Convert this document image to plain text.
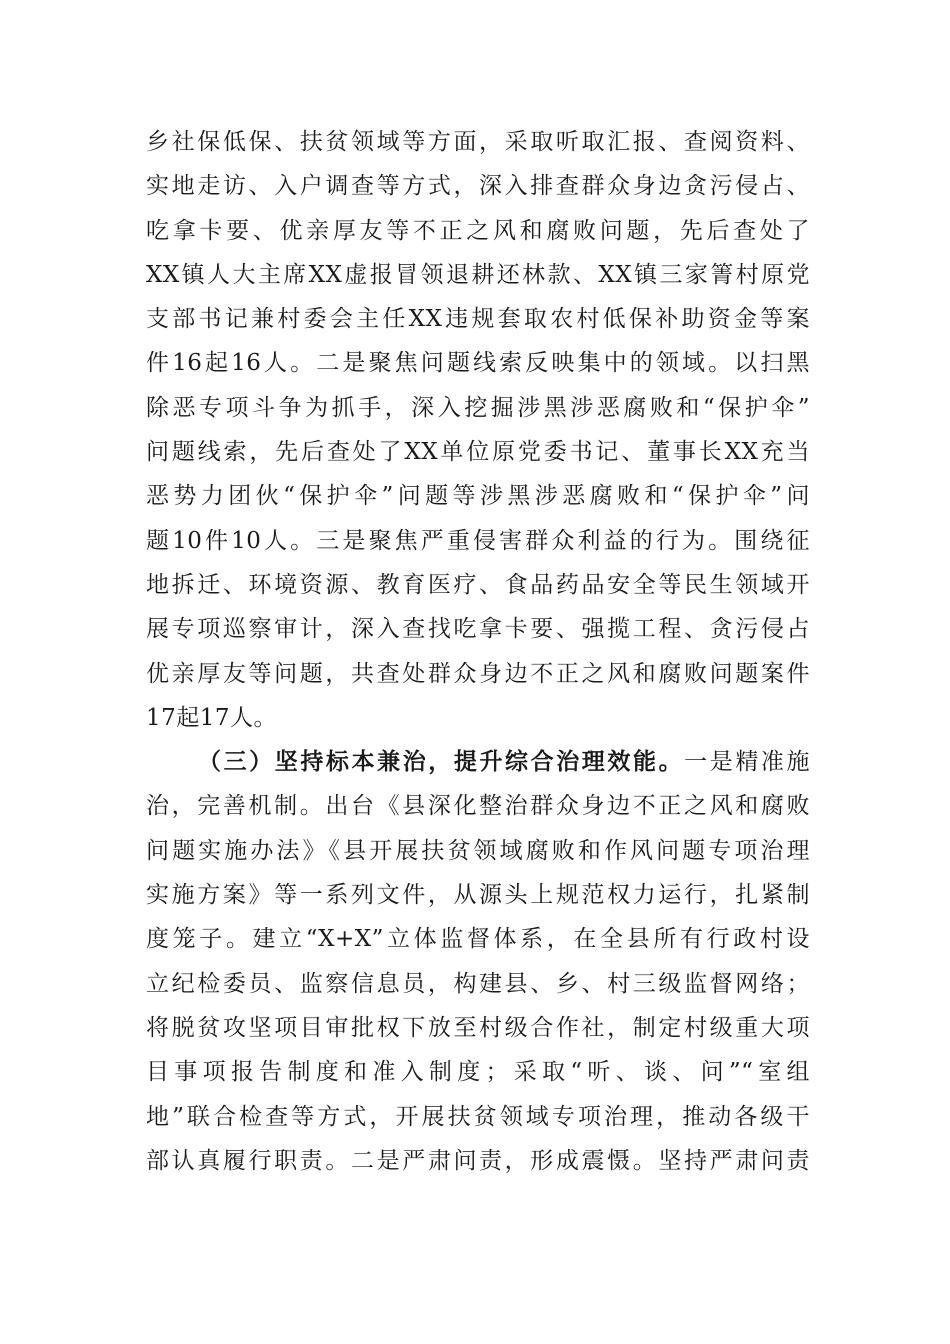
乡社保低保、扶贫领域等方面，采取听取汇报、查阅资料、
实地走访、入户调查等方式，深入排查群众身边贪污侵占、
吃拿卡要、优亲厚友等不正之风和腐败问题，先后查处了
XX镇人大主席XX虚报冒领退耕还林款、XX镇三家箐村原党
支部书记兼村委会主任XX违规套取农村低保补助资金等案
件16起16人。二是聚焦问题线索反映集中的领域。以扫黑
除恶专项斗争为抓手，深入挖掘涉黑涉恶腐败和“保护伞”
问题线索，先后查处了XX单位原党委书记、董事长XX充当
恶势力团伙“保护伞”问题等涉黑涉恶腐败和“保护伞”问
题10件10人。三是聚焦严重侵害群众利益的行为。围绕征
地拆迁、环境资源、教育医疗、食品药品安全等民生领域开
展专项巡察审计，深入查找吃拿卡要、强揽工程、贪污侵占
优亲厚友等问题，共查处群众身边不正之风和腐败问题案件
17起17人。
（三）坚持标本兼治，提升综合治理效能。一是精准施
治，完善机制。出台《县深化整治群众身边不正之风和腐败
问题实施办法》《县开展扶贫领域腐败和作风问题专项治理
实施方案》等一系列文件，从源头上规范权力运行，扎紧制
度笼子。建立“X+X”立体监督体系，在全县所有行政村设
立纪检委员、监察信息员，构建县、乡、村三级监督网络；
将脱贫攻坚项目审批权下放至村级合作社，制定村级重大项
目事项报告制度和准入制度；采取“听、谈、问”“室组
地”联合检查等方式，开展扶贫领域专项治理，推动各级干
部认真履行职责。二是严肃问责，形成震慑。坚持严肃问责
